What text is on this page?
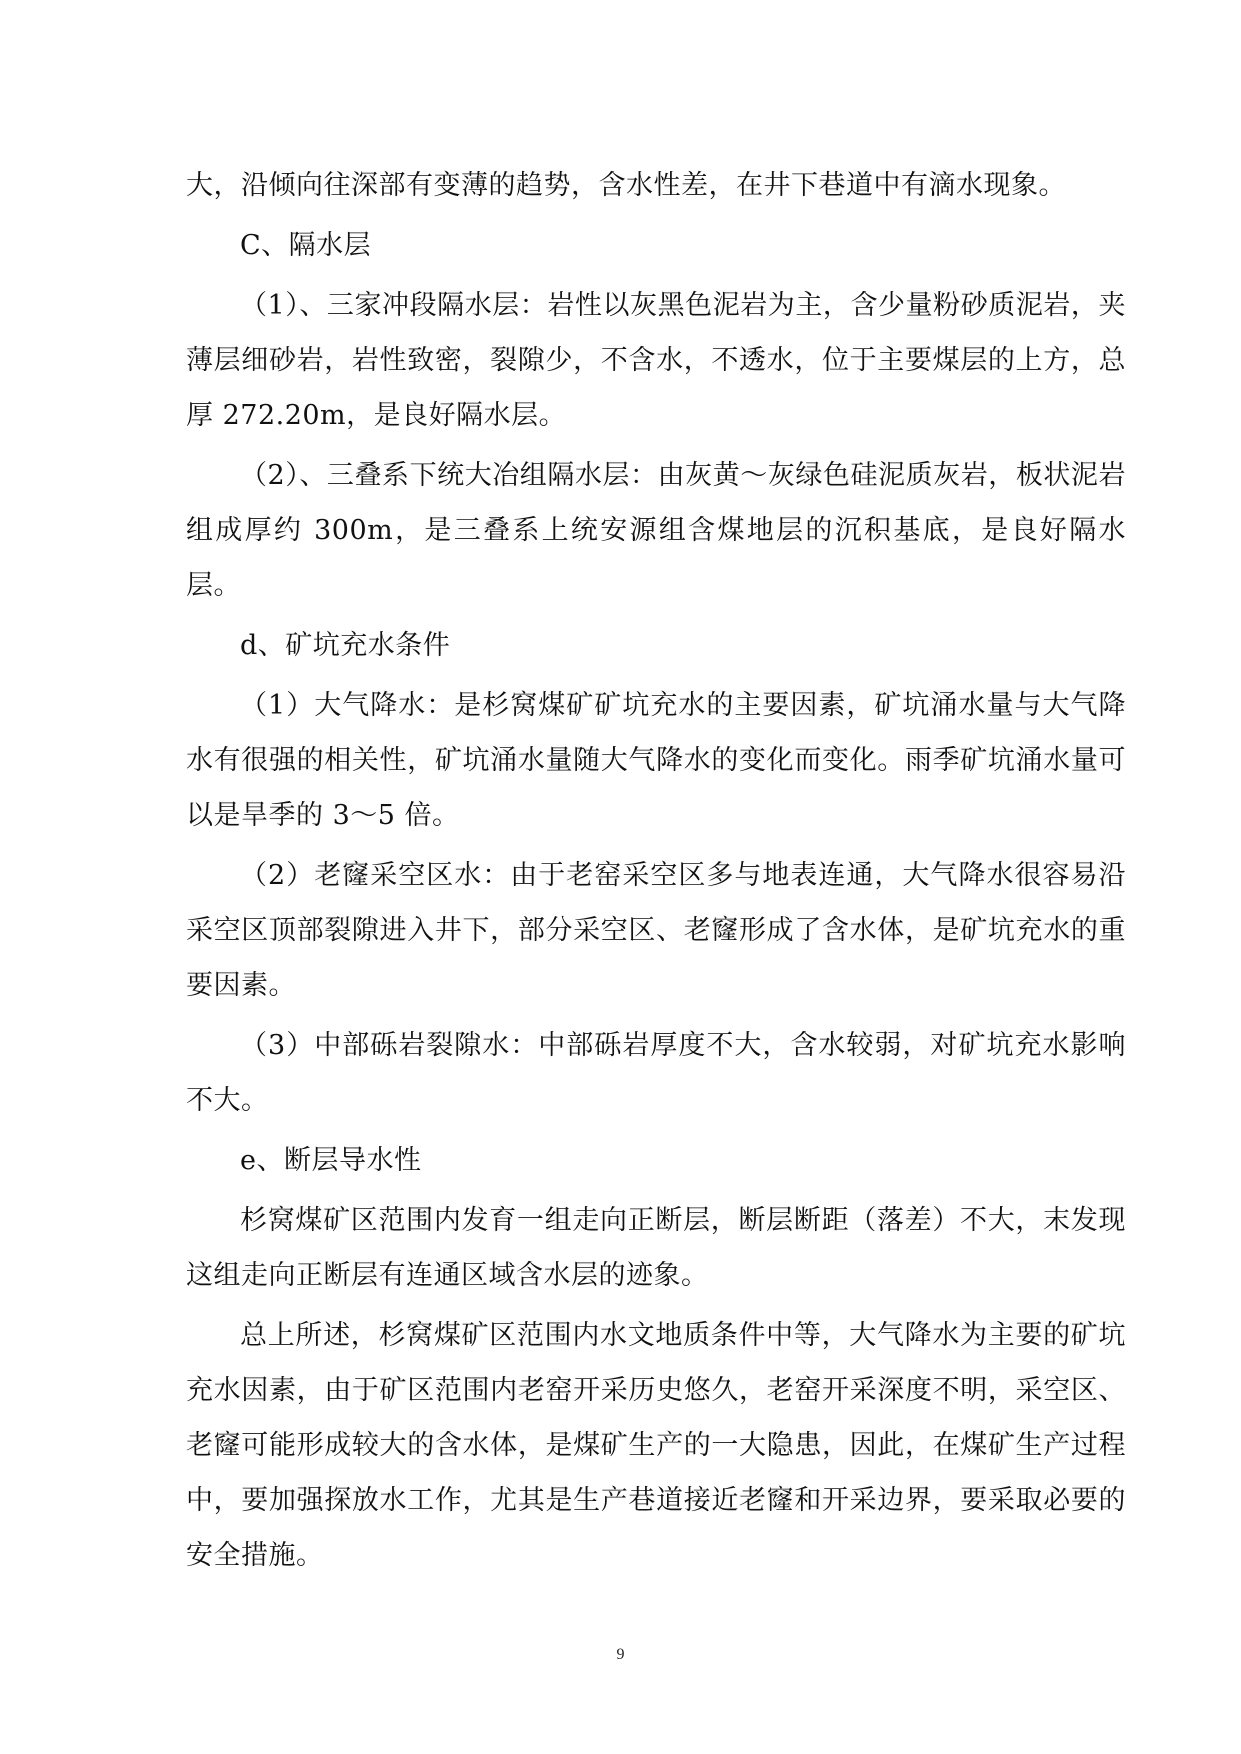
大，沿倾向往深部有变薄的趋势，含水性差，在井下巷道中有滴水现象。

C、隔水层

（1）、三家冲段隔水层：岩性以灰黑色泥岩为主，含少量粉砂质泥岩，夹薄层细砂岩，岩性致密，裂隙少，不含水，不透水，位于主要煤层的上方，总厚 272.20m，是良好隔水层。

（2）、三叠系下统大冶组隔水层：由灰黄～灰绿色硅泥质灰岩，板状泥岩组成厚约 300m，是三叠系上统安源组含煤地层的沉积基底，是良好隔水层。

d、矿坑充水条件

（1）大气降水：是杉窝煤矿矿坑充水的主要因素，矿坑涌水量与大气降水有很强的相关性，矿坑涌水量随大气降水的变化而变化。雨季矿坑涌水量可以是旱季的 3～5 倍。

（2）老窿采空区水：由于老窑采空区多与地表连通，大气降水很容易沿采空区顶部裂隙进入井下，部分采空区、老窿形成了含水体，是矿坑充水的重要因素。

（3）中部砾岩裂隙水：中部砾岩厚度不大，含水较弱，对矿坑充水影响不大。

e、断层导水性

杉窝煤矿区范围内发育一组走向正断层，断层断距（落差）不大，末发现这组走向正断层有连通区域含水层的迹象。

总上所述，杉窝煤矿区范围内水文地质条件中等，大气降水为主要的矿坑充水因素，由于矿区范围内老窑开采历史悠久，老窑开采深度不明，采空区、老窿可能形成较大的含水体，是煤矿生产的一大隐患，因此，在煤矿生产过程中，要加强探放水工作，尤其是生产巷道接近老窿和开采边界，要采取必要的安全措施。

9
